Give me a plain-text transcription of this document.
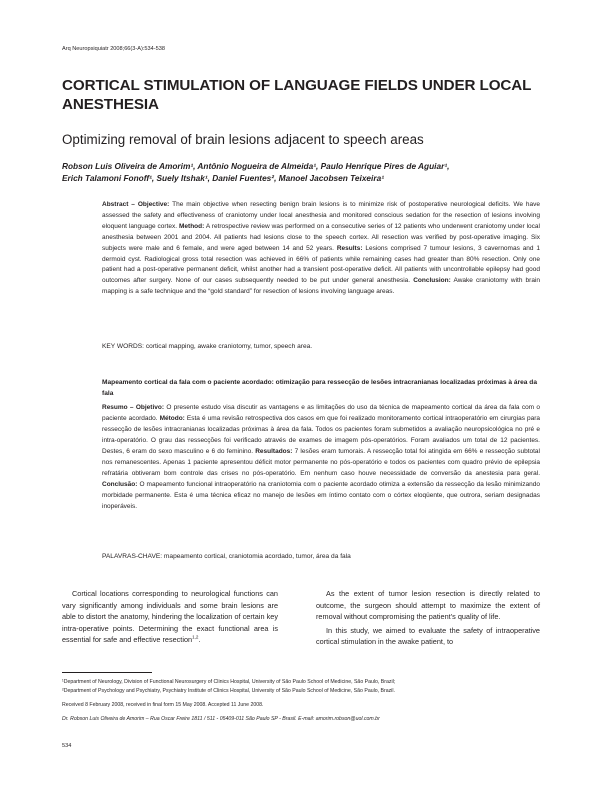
Arq Neuropsiquiatr 2008;66(3-A):534-538
CORTICAL STIMULATION OF LANGUAGE FIELDS UNDER LOCAL ANESTHESIA
Optimizing removal of brain lesions adjacent to speech areas
Robson Luis Oliveira de Amorim¹, Antônio Nogueira de Almeida¹, Paulo Henrique Pires de Aguiar¹,
Erich Talamoni Fonoff¹, Suely Itshak¹, Daniel Fuentes², Manoel Jacobsen Teixeira¹
Abstract – Objective: The main objective when resecting benign brain lesions is to minimize risk of postoperative neurological deficits. We have assessed the safety and effectiveness of craniotomy under local anesthesia and monitored conscious sedation for the resection of lesions involving eloquent language cortex. Method: A retrospective review was performed on a consecutive series of 12 patients who underwent craniotomy under local anesthesia between 2001 and 2004. All patients had lesions close to the speech cortex. All resection was verified by post-operative imaging. Six subjects were male and 6 female, and were aged between 14 and 52 years. Results: Lesions comprised 7 tumour lesions, 3 cavernomas and 1 dermoid cyst. Radiological gross total resection was achieved in 66% of patients while remaining cases had greater than 80% resection. Only one patient had a post-operative permanent deficit, whilst another had a transient post-operative deficit. All patients with uncontrollable epilepsy had good outcomes after surgery. None of our cases subsequently needed to be put under general anesthesia. Conclusion: Awake craniotomy with brain mapping is a safe technique and the “gold standard” for resection of lesions involving language areas.
KEY WORDS: cortical mapping, awake craniotomy, tumor, speech area.
Mapeamento cortical da fala com o paciente acordado: otimização para ressecção de lesões intracranianas localizadas próximas à área da fala
Resumo – Objetivo: O presente estudo visa discutir as vantagens e as limitações do uso da técnica de mapeamento cortical da área da fala com o paciente acordado. Método: Esta é uma revisão retrospectiva dos casos em que foi realizado monitoramento cortical intraoperatório em cirurgias para ressecção de lesões intracranianas localizadas próximas à área da fala. Todos os pacientes foram submetidos a avaliação neuropsicológica no pré e intra-operatório. O grau das ressecções foi verificado através de exames de imagem pós-operatórios. Foram avaliados um total de 12 pacientes. Destes, 6 eram do sexo masculino e 6 do feminino. Resultados: 7 lesões eram tumorais. A ressecção total foi atingida em 66% e ressecção subtotal nos remanescentes. Apenas 1 paciente apresentou déficit motor permanente no pós-operatório e todos os pacientes com quadro prévio de epilepsia refratária obtiveram bom controle das crises no pós-operatório. Em nenhum caso houve necessidade de conversão da anestesia para geral. Conclusão: O mapeamento funcional intraoperatório na craniotomia com o paciente acordado otimiza a extensão da ressecção da lesão minimizando morbidade permanente. Esta é uma técnica eficaz no manejo de lesões em íntimo contato com o córtex eloqüente, que outrora, seriam designadas inoperáveis.
PALAVRAS-CHAVE: mapeamento cortical, craniotomia acordado, tumor, área da fala
Cortical locations corresponding to neurological functions can vary significantly among individuals and some brain lesions are able to distort the anatomy, hindering the localization of certain key intra-operative points. Determining the exact functional area is essential for safe and effective resection$^{1,2}$.

As the extent of tumor lesion resection is directly related to outcome, the surgeon should attempt to maximize the extent of removal without compromising the patient’s quality of life.

In this study, we aimed to evaluate the safety of intraoperative cortical stimulation in the awake patient, to

¹Department of Neurology, Division of Functional Neurosurgery of Clinics Hospital, University of São Paulo School of Medicine, São Paulo, Brazil;
²Department of Psychology and Psychiatry, Psychiatry Institute of Clinics Hospital, University of São Paulo School of Medicine, São Paulo, Brazil.
Received 8 February 2008, received in final form 15 May 2008. Accepted 11 June 2008.
Dr. Robson Luis Oliveira de Amorim – Rua Oscar Freire 1811 / 511 - 05409-011 São Paulo SP - Brasil. E-mail: amorim.robson@uol.com.br
534
